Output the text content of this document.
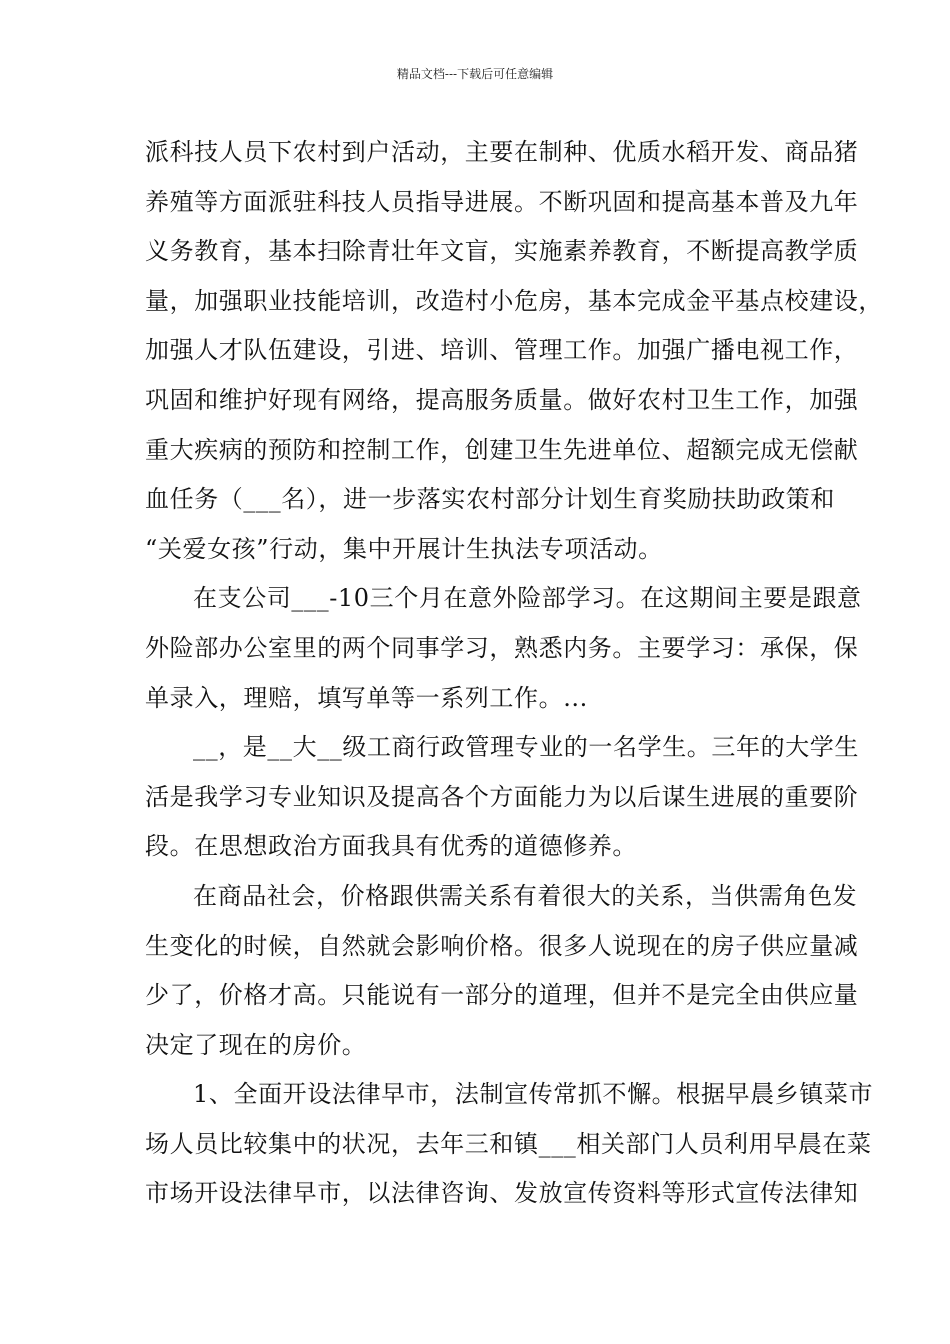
精品文档---下载后可任意编辑
派科技人员下农村到户活动，主要在制种、优质水稻开发、商品猪
养殖等方面派驻科技人员指导进展。不断巩固和提高基本普及九年
义务教育，基本扫除青壮年文盲，实施素养教育，不断提高教学质
量，加强职业技能培训，改造村小危房，基本完成金平基点校建设，
加强人才队伍建设，引进、培训、管理工作。加强广播电视工作，
巩固和维护好现有网络，提高服务质量。做好农村卫生工作，加强
重大疾病的预防和控制工作，创建卫生先进单位、超额完成无偿献
血任务（___名），进一步落实农村部分计划生育奖励扶助政策和
“关爱女孩”行动，集中开展计生执法专项活动。
在支公司___-10三个月在意外险部学习。在这期间主要是跟意
外险部办公室里的两个同事学习，熟悉内务。主要学习：承保，保
单录入，理赔，填写单等一系列工作。...
__，是__大__级工商行政管理专业的一名学生。三年的大学生
活是我学习专业知识及提高各个方面能力为以后谋生进展的重要阶
段。在思想政治方面我具有优秀的道德修养。
在商品社会，价格跟供需关系有着很大的关系，当供需角色发
生变化的时候，自然就会影响价格。很多人说现在的房子供应量减
少了，价格才高。只能说有一部分的道理，但并不是完全由供应量
决定了现在的房价。
1、全面开设法律早市，法制宣传常抓不懈。根据早晨乡镇菜市
场人员比较集中的状况，去年三和镇___相关部门人员利用早晨在菜
市场开设法律早市，以法律咨询、发放宣传资料等形式宣传法律知
